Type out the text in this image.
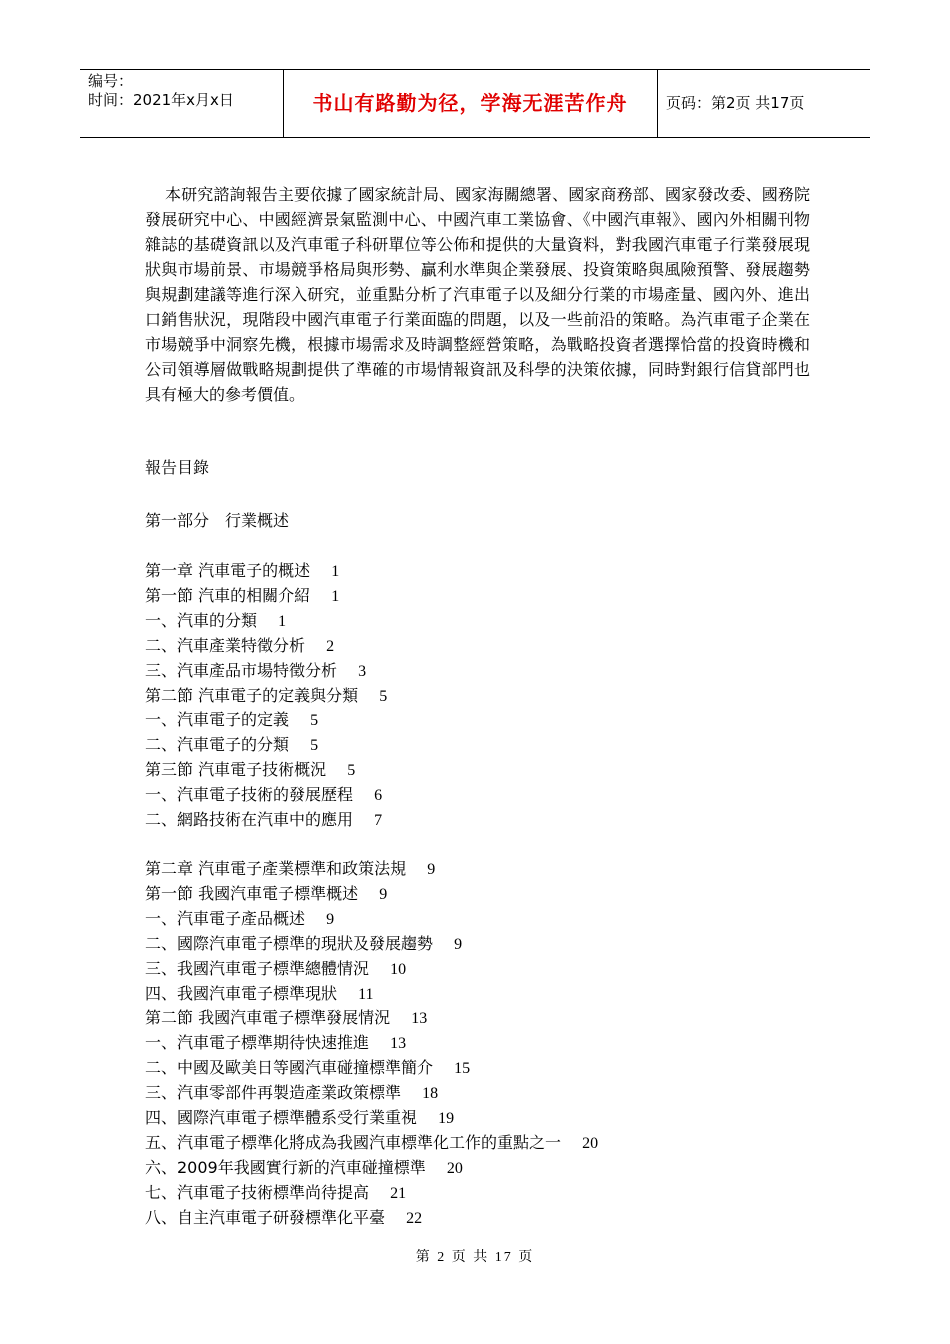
编号：
时间：2021年x月x日	书山有路勤为径，学海无涯苦作舟	页码：第2页 共17页
本研究諮詢報告主要依據了國家統計局、國家海關總署、國家商務部、國家發改委、國務院發展研究中心、中國經濟景氣監測中心、中國汽車工業協會、《中國汽車報》、國內外相關刊物雜誌的基礎資訊以及汽車電子科研單位等公佈和提供的大量資料，對我國汽車電子行業發展現狀與市場前景、市場競爭格局與形勢、贏利水準與企業發展、投資策略與風險預警、發展趨勢與規劃建議等進行深入研究，並重點分析了汽車電子以及細分行業的市場產量、國內外、進出口銷售狀況，現階段中國汽車電子行業面臨的問題，以及一些前沿的策略。為汽車電子企業在市場競爭中洞察先機，根據市場需求及時調整經營策略，為戰略投資者選擇恰當的投資時機和公司領導層做戰略規劃提供了準確的市場情報資訊及科學的決策依據，同時對銀行信貸部門也具有極大的參考價值。
報告目錄
第一部分　行業概述
第一章 汽車電子的概述　 1
第一節 汽車的相關介紹　 1
一、汽車的分類　 1
二、汽車產業特徵分析　 2
三、汽車產品市場特徵分析　 3
第二節 汽車電子的定義與分類　 5
一、汽車電子的定義　 5
二、汽車電子的分類　 5
第三節 汽車電子技術概況　 5
一、汽車電子技術的發展歷程　 6
二、網路技術在汽車中的應用　 7
第二章 汽車電子產業標準和政策法規　 9
第一節 我國汽車電子標準概述　 9
一、汽車電子產品概述　 9
二、國際汽車電子標準的現狀及發展趨勢　 9
三、我國汽車電子標準總體情況　 10
四、我國汽車電子標準現狀　 11
第二節 我國汽車電子標準發展情況　 13
一、汽車電子標準期待快速推進　 13
二、中國及歐美日等國汽車碰撞標準簡介　 15
三、汽車零部件再製造產業政策標準　 18
四、國際汽車電子標準體系受行業重視　 19
五、汽車電子標準化將成為我國汽車標準化工作的重點之一　 20
六、2009年我國實行新的汽車碰撞標準　 20
七、汽車電子技術標準尚待提高　 21
八、自主汽車電子研發標準化平臺　 22
第 2 页 共 17 页
